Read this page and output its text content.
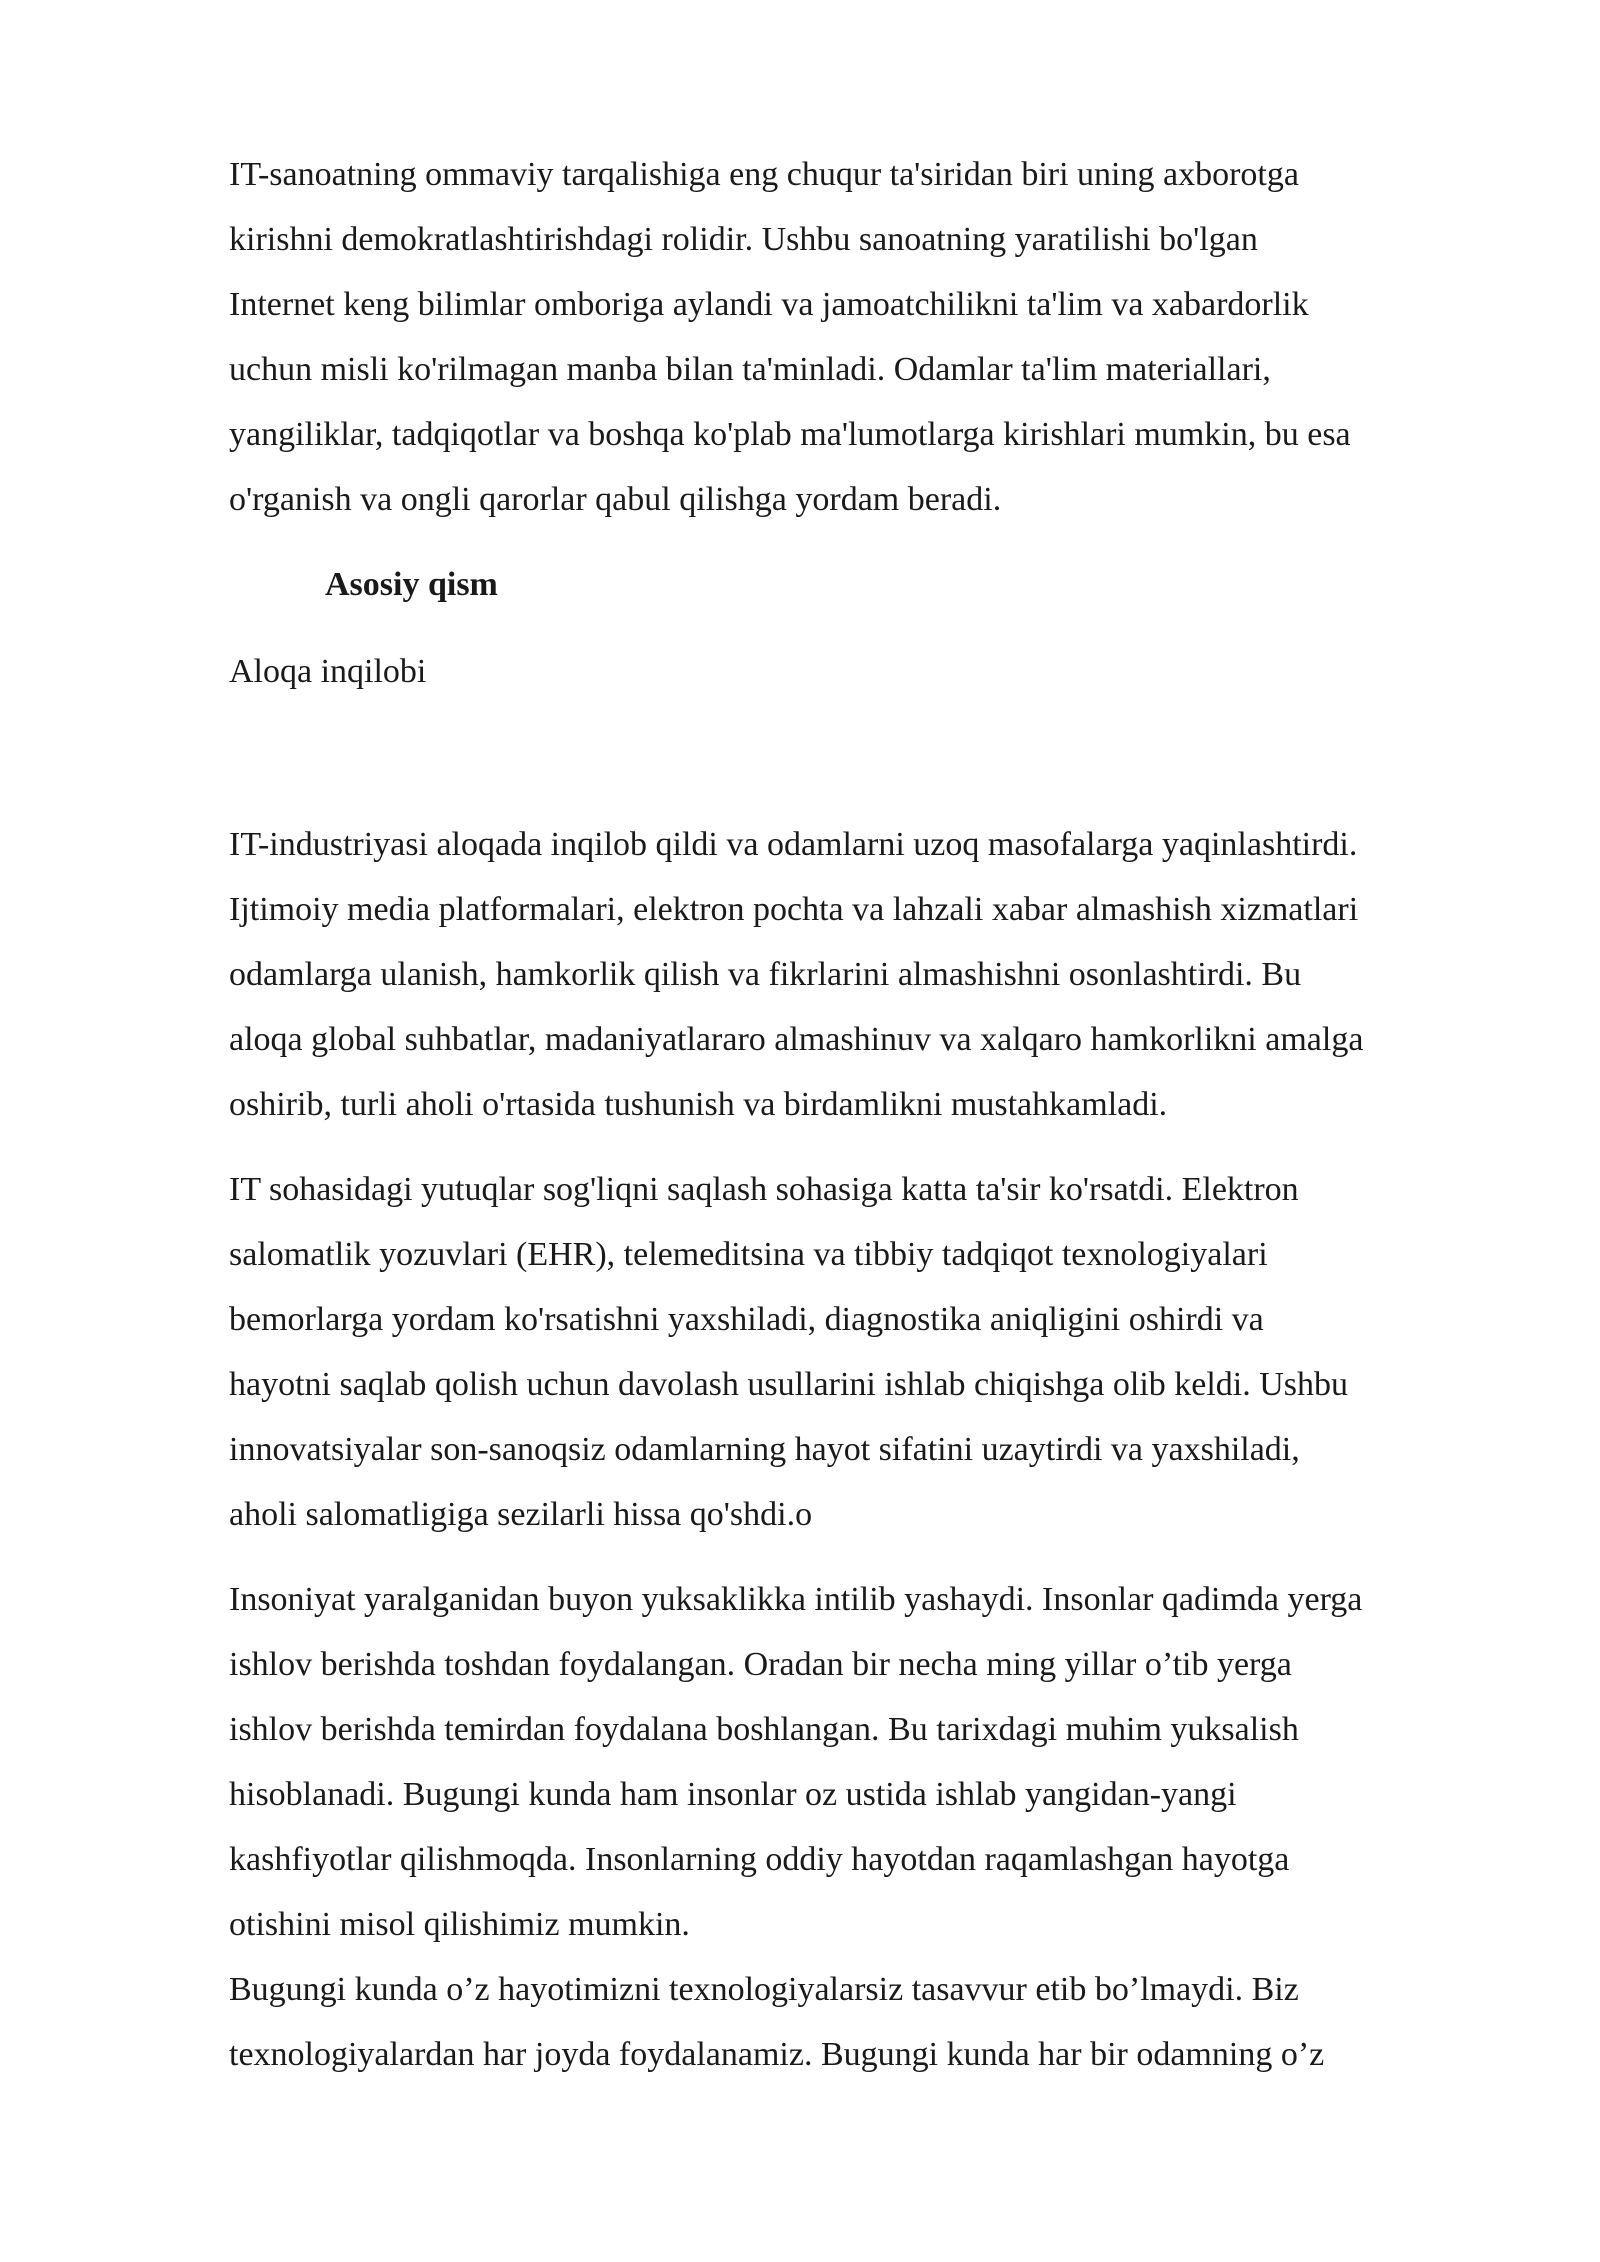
IT-sanoatning ommaviy tarqalishiga eng chuqur ta'siridan biri uning axborotga

kirishni demokratlashtirishdagi rolidir. Ushbu sanoatning yaratilishi bo'lgan

Internet keng bilimlar omboriga aylandi va jamoatchilikni ta'lim va xabardorlik

uchun misli ko'rilmagan manba bilan ta'minladi. Odamlar ta'lim materiallari,

yangiliklar, tadqiqotlar va boshqa ko'plab ma'lumotlarga kirishlari mumkin, bu esa

o'rganish va ongli qarorlar qabul qilishga yordam beradi.

Asosiy qism

Aloqa inqilobi

IT-industriyasi aloqada inqilob qildi va odamlarni uzoq masofalarga yaqinlashtirdi.

Ijtimoiy media platformalari, elektron pochta va lahzali xabar almashish xizmatlari

odamlarga ulanish, hamkorlik qilish va fikrlarini almashishni osonlashtirdi. Bu

aloqa global suhbatlar, madaniyatlararo almashinuv va xalqaro hamkorlikni amalga

oshirib, turli aholi o'rtasida tushunish va birdamlikni mustahkamladi.

IT sohasidagi yutuqlar sog'liqni saqlash sohasiga katta ta'sir ko'rsatdi. Elektron

salomatlik yozuvlari (EHR), telemeditsina va tibbiy tadqiqot texnologiyalari

bemorlarga yordam ko'rsatishni yaxshiladi, diagnostika aniqligini oshirdi va

hayotni saqlab qolish uchun davolash usullarini ishlab chiqishga olib keldi. Ushbu

innovatsiyalar son-sanoqsiz odamlarning hayot sifatini uzaytirdi va yaxshiladi,

aholi salomatligiga sezilarli hissa qo'shdi.o

Insoniyat yaralganidan buyon yuksaklikka intilib yashaydi. Insonlar qadimda yerga

ishlov berishda toshdan foydalangan. Oradan bir necha ming yillar o’tib yerga

ishlov berishda temirdan foydalana boshlangan. Bu tarixdagi muhim yuksalish

hisoblanadi. Bugungi kunda ham insonlar oz ustida ishlab yangidan-yangi

kashfiyotlar qilishmoqda. Insonlarning oddiy hayotdan raqamlashgan hayotga

otishini misol qilishimiz mumkin.

Bugungi kunda o’z hayotimizni texnologiyalarsiz tasavvur etib bo’lmaydi. Biz

texnologiyalardan har joyda foydalanamiz. Bugungi kunda har bir odamning o’z
